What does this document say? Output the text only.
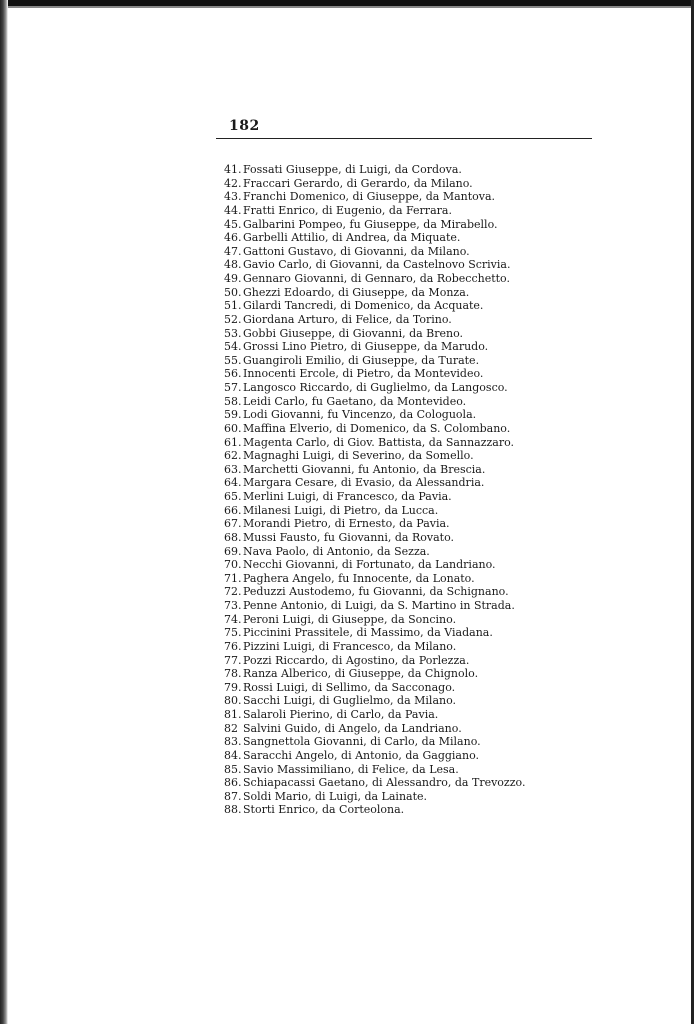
182
41. Fossati Giuseppe, di Luigi, da Cordova.
42. Fraccari Gerardo, di Gerardo, da Milano.
43. Franchi Domenico, di Giuseppe, da Mantova.
44. Fratti Enrico, di Eugenio, da Ferrara.
45. Galbarini Pompeo, fu Giuseppe, da Mirabello.
46. Garbelli Attilio, di Andrea, da Miquate.
47. Gattoni Gustavo, di Giovanni, da Milano.
48. Gavio Carlo, di Giovanni, da Castelnovo Scrivia.
49. Gennaro Giovanni, di Gennaro, da Robecchetto.
50. Ghezzi Edoardo, di Giuseppe, da Monza.
51. Gilardi Tancredi, di Domenico, da Acquate.
52. Giordana Arturo, di Felice, da Torino.
53. Gobbi Giuseppe, di Giovanni, da Breno.
54. Grossi Lino Pietro, di Giuseppe, da Marudo.
55. Guangiroli Emilio, di Giuseppe, da Turate.
56. Innocenti Ercole, di Pietro, da Montevideo.
57. Langosco Riccardo, di Guglielmo, da Langosco.
58. Leidi Carlo, fu Gaetano, da Montevideo.
59. Lodi Giovanni, fu Vincenzo, da Cologuola.
60. Maffina Elverio, di Domenico, da S. Colombano.
61. Magenta Carlo, di Giov. Battista, da Sannazzaro.
62. Magnaghi Luigi, di Severino, da Somello.
63. Marchetti Giovanni, fu Antonio, da Brescia.
64. Margara Cesare, di Evasio, da Alessandria.
65. Merlini Luigi, di Francesco, da Pavia.
66. Milanesi Luigi, di Pietro, da Lucca.
67. Morandi Pietro, di Ernesto, da Pavia.
68. Mussi Fausto, fu Giovanni, da Rovato.
69. Nava Paolo, di Antonio, da Sezza.
70. Necchi Giovanni, di Fortunato, da Landriano.
71. Paghera Angelo, fu Innocente, da Lonato.
72. Peduzzi Austodemo, fu Giovanni, da Schignano.
73. Penne Antonio, di Luigi, da S. Martino in Strada.
74. Peroni Luigi, di Giuseppe, da Soncino.
75. Piccinini Prassitele, di Massimo, da Viadana.
76. Pizzini Luigi, di Francesco, da Milano.
77. Pozzi Riccardo, di Agostino, da Porlezza.
78. Ranza Alberico, di Giuseppe, da Chignolo.
79. Rossi Luigi, di Sellimo, da Sacconago.
80. Sacchi Luigi, di Guglielmo, da Milano.
81. Salaroli Pierino, di Carlo, da Pavia.
82 Salvini Guido, di Angelo, da Landriano.
83. Sangnettola Giovanni, di Carlo, da Milano.
84. Saracchi Angelo, di Antonio, da Gaggiano.
85. Savio Massimiliano, di Felice, da Lesa.
86. Schiapacassi Gaetano, di Alessandro, da Trevozzo.
87. Soldi Mario, di Luigi, da Lainate.
88. Storti Enrico, da Corteolona.
